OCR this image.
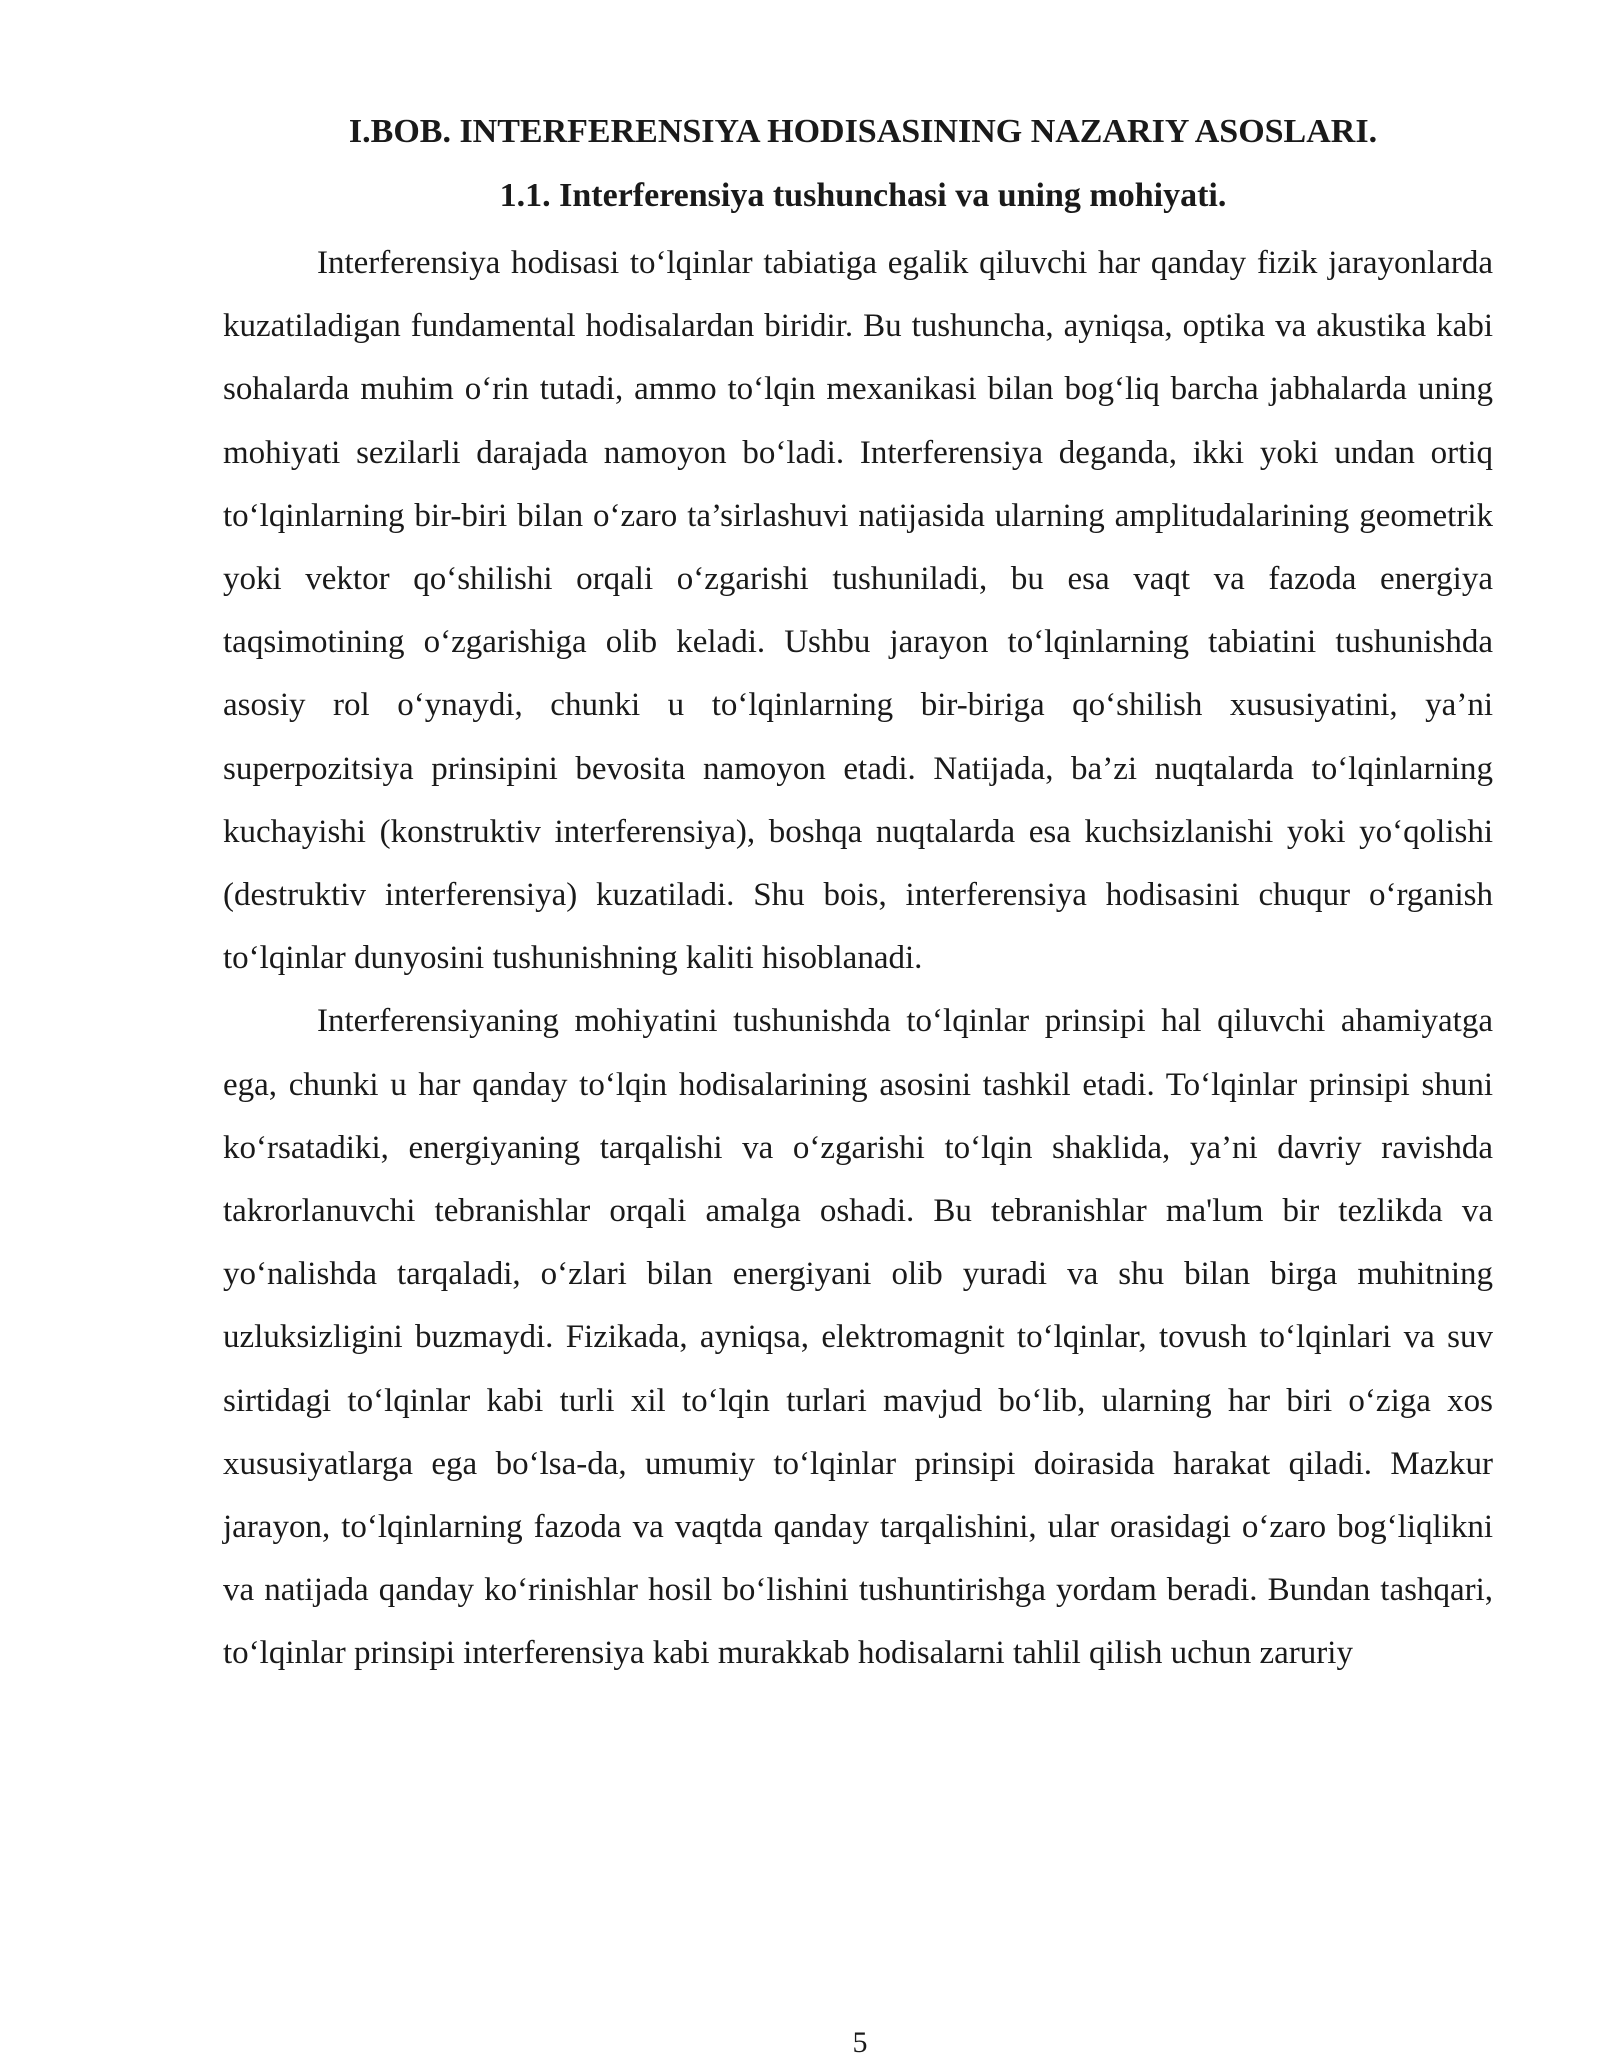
I.BOB. INTERFERENSIYA HODISASINING NAZARIY ASOSLARI.
1.1. Interferensiya tushunchasi va uning mohiyati.

Interferensiya hodisasi to‘lqinlar tabiatiga egalik qiluvchi har qanday fizik jarayonlarda kuzatiladigan fundamental hodisalardan biridir. Bu tushuncha, ayniqsa, optika va akustika kabi sohalarda muhim o‘rin tutadi, ammo to‘lqin mexanikasi bilan bog‘liq barcha jabhalarda uning mohiyati sezilarli darajada namoyon bo‘ladi. Interferensiya deganda, ikki yoki undan ortiq to‘lqinlarning bir-biri bilan o‘zaro ta’sirlashuvi natijasida ularning amplitudalarining geometrik yoki vektor qo‘shilishi orqali o‘zgarishi tushuniladi, bu esa vaqt va fazoda energiya taqsimotining o‘zgarishiga olib keladi. Ushbu jarayon to‘lqinlarning tabiatini tushunishda asosiy rol o‘ynaydi, chunki u to‘lqinlarning bir-biriga qo‘shilish xususiyatini, ya’ni superpozitsiya prinsipini bevosita namoyon etadi. Natijada, ba’zi nuqtalarda to‘lqinlarning kuchayishi (konstruktiv interferensiya), boshqa nuqtalarda esa kuchsizlanishi yoki yo‘qolishi (destruktiv interferensiya) kuzatiladi. Shu bois, interferensiya hodisasini chuqur o‘rganish to‘lqinlar dunyosini tushunishning kaliti hisoblanadi.

Interferensiyaning mohiyatini tushunishda to‘lqinlar prinsipi hal qiluvchi ahamiyatga ega, chunki u har qanday to‘lqin hodisalarining asosini tashkil etadi. To‘lqinlar prinsipi shuni ko‘rsatadiki, energiyaning tarqalishi va o‘zgarishi to‘lqin shaklida, ya’ni davriy ravishda takrorlanuvchi tebranishlar orqali amalga oshadi. Bu tebranishlar ma'lum bir tezlikda va yo‘nalishda tarqaladi, o‘zlari bilan energiyani olib yuradi va shu bilan birga muhitning uzluksizligini buzmaydi. Fizikada, ayniqsa, elektromagnit to‘lqinlar, tovush to‘lqinlari va suv sirtidagi to‘lqinlar kabi turli xil to‘lqin turlari mavjud bo‘lib, ularning har biri o‘ziga xos xususiyatlarga ega bo‘lsa-da, umumiy to‘lqinlar prinsipi doirasida harakat qiladi. Mazkur jarayon, to‘lqinlarning fazoda va vaqtda qanday tarqalishini, ular orasidagi o‘zaro bog‘liqlikni va natijada qanday ko‘rinishlar hosil bo‘lishini tushuntirishga yordam beradi. Bundan tashqari, to‘lqinlar prinsipi interferensiya kabi murakkab hodisalarni tahlil qilish uchun zaruriy

5
